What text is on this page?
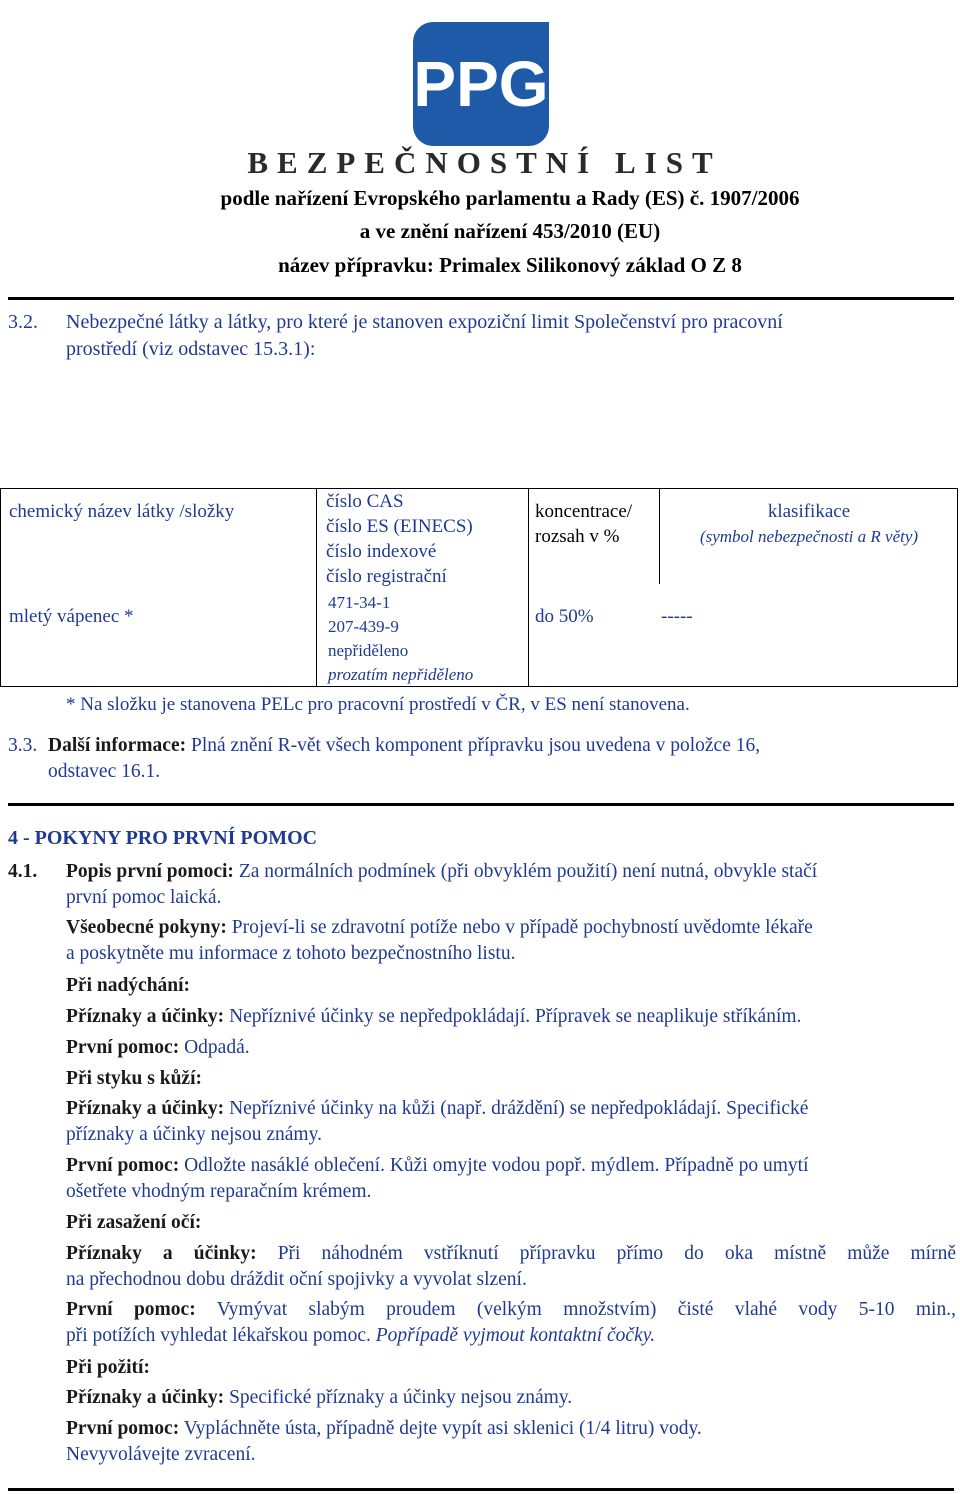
PPG
BEZPEČNOSTNÍ LIST
podle nařízení Evropského parlamentu a Rady (ES) č. 1907/2006
a ve znění nařízení 453/2010 (EU)
název přípravku: Primalex Silikonový základ O Z 8
3.2. Nebezpečné látky a látky, pro které je stanoven expoziční limit Společenství pro pracovní
prostředí (viz odstavec 15.3.1):
chemický název látky /složky	číslo CAS
číslo ES (EINECS)
číslo indexové
číslo registrační
koncentrace/
rozsah v %
klasifikace
(symbol nebezpečnosti a R věty)
mletý vápenec *
471-34-1
207-439-9
nepřiděleno
prozatím nepřiděleno
do 50%	-----
* Na složku je stanovena PELc pro pracovní prostředí v ČR, v ES není stanovena.
3.3. Další informace: Plná znění R-vět všech komponent přípravku jsou uvedena v položce 16,
odstavec 16.1.
4 - POKYNY PRO PRVNÍ POMOC
4.1. Popis první pomoci: Za normálních podmínek (při obvyklém použití) není nutná, obvykle stačí
první pomoc laická.
Všeobecné pokyny: Projeví-li se zdravotní potíže nebo v případě pochybností uvědomte lékaře
a poskytněte mu informace z tohoto bezpečnostního listu.
Při nadýchání:
Příznaky a účinky: Nepříznivé účinky se nepředpokládají. Přípravek se neaplikuje stříkáním.
První pomoc: Odpadá.
Při styku s kůží:
Příznaky a účinky: Nepříznivé účinky na kůži (např. dráždění) se nepředpokládají. Specifické
příznaky a účinky nejsou známy.
První pomoc: Odložte nasáklé oblečení. Kůži omyjte vodou popř. mýdlem. Případně po umytí
ošetřete vhodným reparačním krémem.
Při zasažení očí:
Příznaky a účinky: Při náhodném vstříknutí přípravku přímo do oka místně může mírně
na přechodnou dobu dráždit oční spojivky a vyvolat slzení.
První pomoc: Vymývat slabým proudem (velkým množstvím) čisté vlahé vody 5-10 min.,
při potížích vyhledat lékařskou pomoc. Popřípadě vyjmout kontaktní čočky.
Při požití:
Příznaky a účinky: Specifické příznaky a účinky nejsou známy.
První pomoc: Vypláchněte ústa, případně dejte vypít asi sklenici (1/4 litru) vody.
Nevyvolávejte zvracení.
